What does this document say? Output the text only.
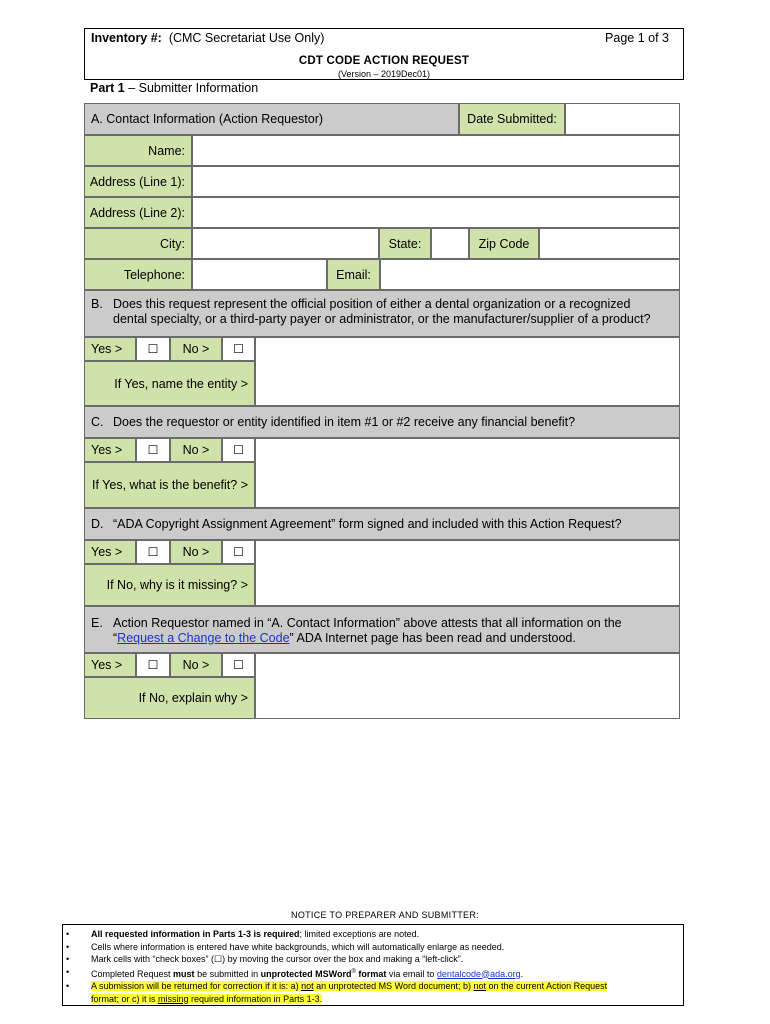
Inventory #: (CMC Secretariat Use Only)	Page 1 of 3
CDT CODE ACTION REQUEST
(Version – 2019Dec01)
Part 1 – Submitter Information
A. Contact Information (Action Requestor)	Date Submitted:
Name:
Address (Line 1):
Address (Line 2):
City:	State:	Zip Code
Telephone:	Email:
B. Does this request represent the official position of either a dental organization or a recognized
dental specialty, or a third-party payer or administrator, or the manufacturer/supplier of a product?
Yes >	☐	No >	☐
If Yes, name the entity >
C. Does the requestor or entity identified in item #1 or #2 receive any financial benefit?
Yes >	☐	No >	☐
If Yes, what is the benefit? >
D. “ADA Copyright Assignment Agreement” form signed and included with this Action Request?
Yes >	☐	No >	☐
If No, why is it missing? >
E. Action Requestor named in “A. Contact Information” above attests that all information on the
“Request a Change to the Code” ADA Internet page has been read and understood.
Yes >	☐	No >	☐
If No, explain why >
NOTICE TO PREPARER AND SUBMITTER:
• All requested information in Parts 1-3 is required; limited exceptions are noted.
• Cells where information is entered have white backgrounds, which will automatically enlarge as needed.
• Mark cells with “check boxes” (☐) by moving the cursor over the box and making a “left-click”.
• Completed Request must be submitted in unprotected MSWord® format via email to dentalcode@ada.org.
• A submission will be returned for correction if it is: a) not an unprotected MS Word document; b) not on the current Action Request
format; or c) it is missing required information in Parts 1-3.
